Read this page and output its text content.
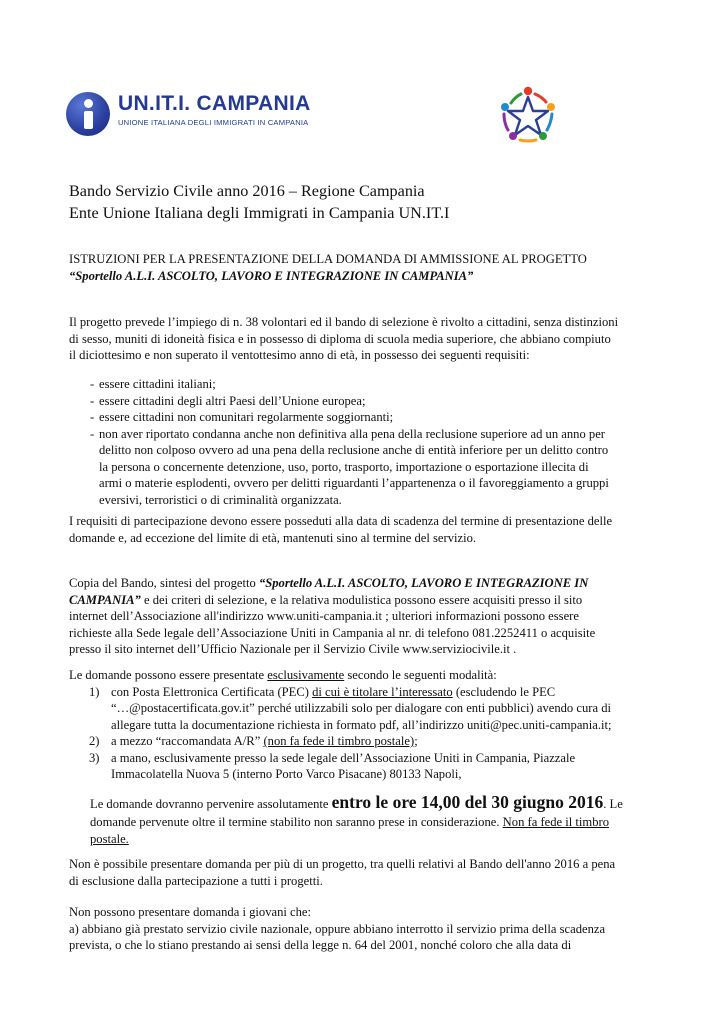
UN.IT.I. CAMPANIA
UNIONE ITALIANA DEGLI IMMIGRATI IN CAMPANIA
Bando Servizio Civile anno 2016 – Regione Campania
Ente Unione Italiana degli Immigrati in Campania UN.IT.I
ISTRUZIONI PER LA PRESENTAZIONE DELLA DOMANDA DI AMMISSIONE AL PROGETTO
“Sportello A.L.I. ASCOLTO, LAVORO E INTEGRAZIONE IN CAMPANIA”
Il progetto prevede l’impiego di n. 38 volontari ed il bando di selezione è rivolto a cittadini, senza distinzioni
di sesso, muniti di idoneità fisica e in possesso di diploma di scuola media superiore, che abbiano compiuto
il diciottesimo e non superato il ventottesimo anno di età, in possesso dei seguenti requisiti:
- essere cittadini italiani;
- essere cittadini degli altri Paesi dell’Unione europea;
- essere cittadini non comunitari regolarmente soggiornanti;
- non aver riportato condanna anche non definitiva alla pena della reclusione superiore ad un anno per
delitto non colposo ovvero ad una pena della reclusione anche di entità inferiore per un delitto contro
la persona o concernente detenzione, uso, porto, trasporto, importazione o esportazione illecita di
armi o materie esplodenti, ovvero per delitti riguardanti l’appartenenza o il favoreggiamento a gruppi
eversivi, terroristici o di criminalità organizzata.
I requisiti di partecipazione devono essere posseduti alla data di scadenza del termine di presentazione delle
domande e, ad eccezione del limite di età, mantenuti sino al termine del servizio.
Copia del Bando, sintesi del progetto “Sportello A.L.I. ASCOLTO, LAVORO E INTEGRAZIONE IN
CAMPANIA” e dei criteri di selezione, e la relativa modulistica possono essere acquisiti presso il sito
internet dell’Associazione all'indirizzo www.uniti-campania.it ; ulteriori informazioni possono essere
richieste alla Sede legale dell’Associazione Uniti in Campania al nr. di telefono 081.2252411 o acquisite
presso il sito internet dell’Ufficio Nazionale per il Servizio Civile www.serviziocivile.it .
Le domande possono essere presentate esclusivamente secondo le seguenti modalità:
1) con Posta Elettronica Certificata (PEC) di cui è titolare l’interessato (escludendo le PEC
“…@postacertificata.gov.it” perché utilizzabili solo per dialogare con enti pubblici) avendo cura di
allegare tutta la documentazione richiesta in formato pdf, all’indirizzo uniti@pec.uniti-campania.it;
2) a mezzo “raccomandata A/R” (non fa fede il timbro postale);
3) a mano, esclusivamente presso la sede legale dell’Associazione Uniti in Campania, Piazzale
Immacolatella Nuova 5 (interno Porto Varco Pisacane) 80133 Napoli,
Le domande dovranno pervenire assolutamente entro le ore 14,00 del 30 giugno 2016. Le
domande pervenute oltre il termine stabilito non saranno prese in considerazione. Non fa fede il timbro
postale.
Non è possibile presentare domanda per più di un progetto, tra quelli relativi al Bando dell'anno 2016 a pena
di esclusione dalla partecipazione a tutti i progetti.
Non possono presentare domanda i giovani che:
a) abbiano già prestato servizio civile nazionale, oppure abbiano interrotto il servizio prima della scadenza
prevista, o che lo stiano prestando ai sensi della legge n. 64 del 2001, nonché coloro che alla data di
